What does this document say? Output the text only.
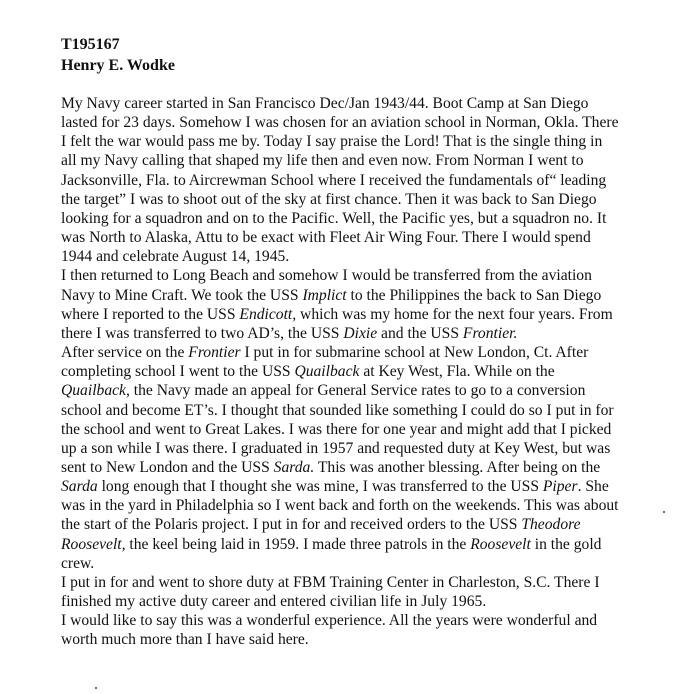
T195167
Henry E. Wodke
My Navy career started in San Francisco Dec/Jan 1943/44. Boot Camp at San Diego
lasted for 23 days. Somehow I was chosen for an aviation school in Norman, Okla. There
I felt the war would pass me by. Today I say praise the Lord! That is the single thing in
all my Navy calling that shaped my life then and even now. From Norman I went to
Jacksonville, Fla. to Aircrewman School where I received the fundamentals of“ leading
the target” I was to shoot out of the sky at first chance. Then it was back to San Diego
looking for a squadron and on to the Pacific. Well, the Pacific yes, but a squadron no. It
was North to Alaska, Attu to be exact with Fleet Air Wing Four. There I would spend
1944 and celebrate August 14, 1945.
I then returned to Long Beach and somehow I would be transferred from the aviation
Navy to Mine Craft. We took the USS Implict to the Philippines the back to San Diego
where I reported to the USS Endicott, which was my home for the next four years. From
there I was transferred to two AD’s, the USS Dixie and the USS Frontier.
After service on the Frontier I put in for submarine school at New London, Ct. After
completing school I went to the USS Quailback at Key West, Fla. While on the
Quailback, the Navy made an appeal for General Service rates to go to a conversion
school and become ET’s. I thought that sounded like something I could do so I put in for
the school and went to Great Lakes. I was there for one year and might add that I picked
up a son while I was there. I graduated in 1957 and requested duty at Key West, but was
sent to New London and the USS Sarda. This was another blessing. After being on the
Sarda long enough that I thought she was mine, I was transferred to the USS Piper. She
was in the yard in Philadelphia so I went back and forth on the weekends. This was about
the start of the Polaris project. I put in for and received orders to the USS Theodore
Roosevelt, the keel being laid in 1959. I made three patrols in the Roosevelt in the gold
crew.
I put in for and went to shore duty at FBM Training Center in Charleston, S.C. There I
finished my active duty career and entered civilian life in July 1965.
I would like to say this was a wonderful experience. All the years were wonderful and
worth much more than I have said here.
